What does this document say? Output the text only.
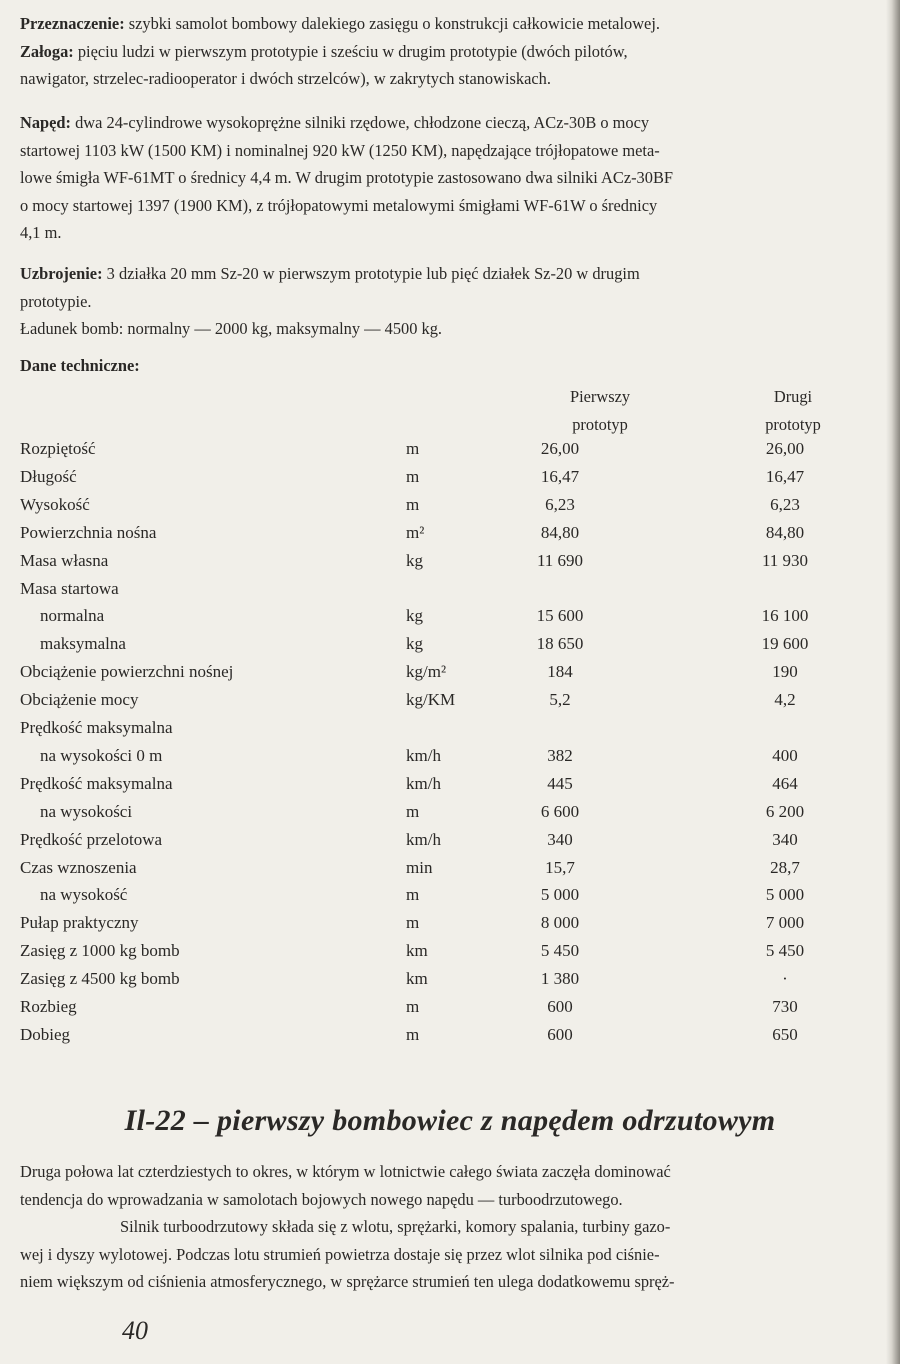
Przeznaczenie: szybki samolot bombowy dalekiego zasięgu o konstrukcji całkowicie metalowej.
Załoga: pięciu ludzi w pierwszym prototypie i sześciu w drugim prototypie (dwóch pilotów,
nawigator, strzelec-radiooperator i dwóch strzelców), w zakrytych stanowiskach.

Napęd: dwa 24-cylindrowe wysokoprężne silniki rzędowe, chłodzone cieczą, ACz-30B o mocy
startowej 1103 kW (1500 KM) i nominalnej 920 kW (1250 KM), napędzające trójłopatowe meta-
lowe śmigła WF-61MT o średnicy 4,4 m. W drugim prototypie zastosowano dwa silniki ACz-30BF
o mocy startowej 1397 (1900 KM), z trójłopatowymi metalowymi śmigłami WF-61W o średnicy
4,1 m.

Uzbrojenie: 3 działka 20 mm Sz-20 w pierwszym prototypie lub pięć działek Sz-20 w drugim
prototypie.
Ładunek bomb: normalny — 2000 kg, maksymalny — 4500 kg.

Dane techniczne:

Pierwszy
prototyp
Drugi
prototyp
Rozpiętość	m	26,00	26,00
Długość	m	16,47	16,47
Wysokość	m	6,23	6,23
Powierzchnia nośna	m²	84,80	84,80
Masa własna	kg	11 690	11 930
Masa startowa
normalna	kg	15 600	16 100
maksymalna	kg	18 650	19 600
Obciążenie powierzchni nośnej	kg/m²	184	190
Obciążenie mocy	kg/KM	5,2	4,2
Prędkość maksymalna
na wysokości 0 m	km/h	382	400
Prędkość maksymalna	km/h	445	464
na wysokości	m	6 600	6 200
Prędkość przelotowa	km/h	340	340
Czas wznoszenia	min	15,7	28,7
na wysokość	m	5 000	5 000
Pułap praktyczny	m	8 000	7 000
Zasięg z 1000 kg bomb	km	5 450	5 450
Zasięg z 4500 kg bomb	km	1 380	·
Rozbieg	m	600	730
Dobieg	m	600	650
Il-22 – pierwszy bombowiec z napędem odrzutowym

Druga połowa lat czterdziestych to okres, w którym w lotnictwie całego świata zaczęła dominować
tendencja do wprowadzania w samolotach bojowych nowego napędu — turboodrzutowego.

Silnik turboodrzutowy składa się z wlotu, sprężarki, komory spalania, turbiny gazo-
wej i dyszy wylotowej. Podczas lotu strumień powietrza dostaje się przez wlot silnika pod ciśnie-
niem większym od ciśnienia atmosferycznego, w sprężarce strumień ten ulega dodatkowemu spręż-

40
